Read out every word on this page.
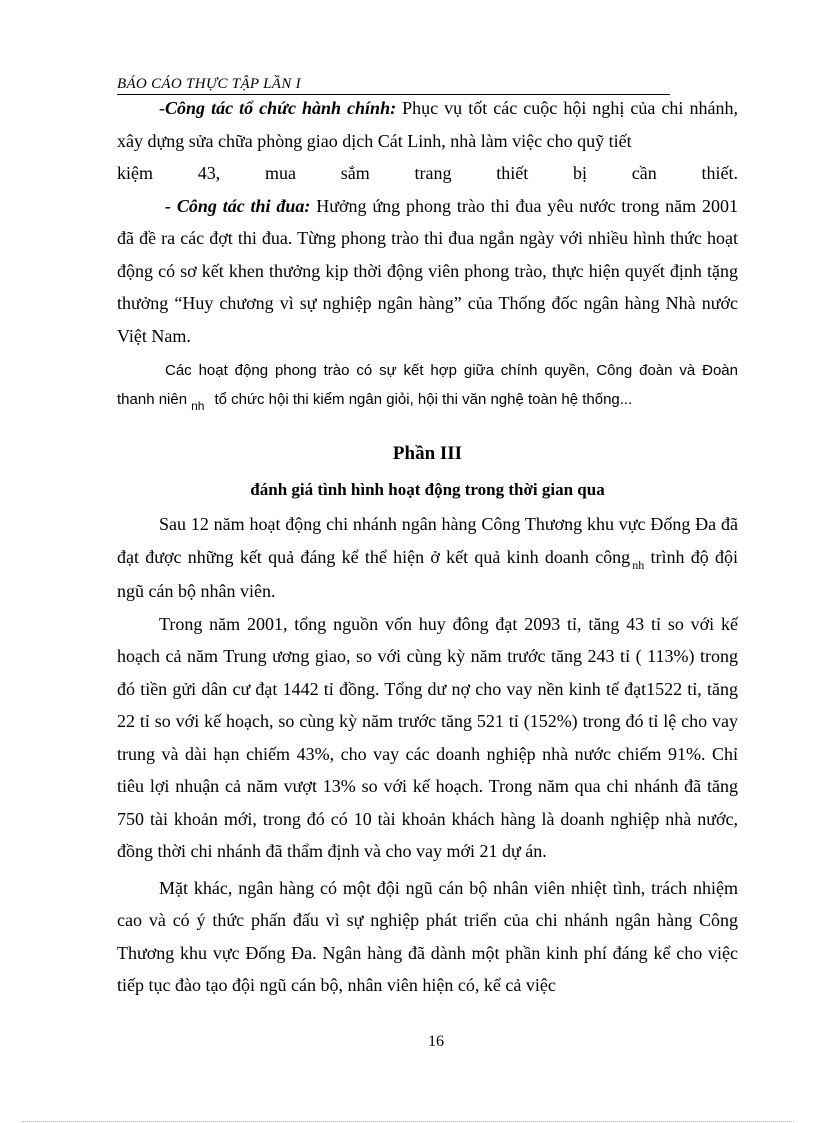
BÁO CÁO THỰC TẬP LẦN I

-Công tác tổ chức hành chính: Phục vụ tốt các cuộc hội nghị của chi nhánh, xây dựng sửa chữa phòng giao dịch Cát Linh, nhà làm việc cho quỹ tiết

kiệm 43, mua sắm trang thiết bị cần thiết.

- Công tác thi đua: Hưởng ứng phong trào thi đua yêu nước trong năm 2001 đã đề ra các đợt thi đua. Từng phong trào thi đua ngắn ngày với nhiều hình thức hoạt động có sơ kết khen thưởng kịp thời động viên phong trào, thực hiện quyết định tặng thưởng “Huy chương vì sự nghiệp ngân hàng” của Thống đốc ngân hàng Nhà nước Việt Nam.

Các hoạt động phong trào có sự kết hợp giữa chính quyền, Công đoàn và Đoàn thanh niên $_{nh}$ tổ chức hội thi kiểm ngân giỏi, hội thi văn nghệ toàn hệ thống...

Phần III
đánh giá tình hình hoạt động trong thời gian qua

Sau 12 năm hoạt động chi nhánh ngân hàng Công Thương khu vực Đống Đa đã đạt được những kết quả đáng kể thể hiện ở kết quả kinh doanh công $_{nh}$ trình độ đội ngũ cán bộ nhân viên.

Trong năm 2001, tổng nguồn vốn huy đông đạt 2093 tỉ, tăng 43 tỉ so với kế hoạch cả năm Trung ương giao, so với cùng kỳ năm trước tăng 243 tỉ ( 113%) trong đó tiền gửi dân cư đạt 1442 tỉ đồng. Tổng dư nợ cho vay nền kinh tế đạt1522 tỉ, tăng 22 tỉ so với kế hoạch, so cùng kỳ năm trước tăng 521 tỉ (152%) trong đó tỉ lệ cho vay trung và dài hạn chiếm 43%, cho vay các doanh nghiệp nhà nước chiếm 91%. Chỉ tiêu lợi nhuận cả năm vượt 13% so với kế hoạch. Trong năm qua chi nhánh đã tăng 750 tài khoản mới, trong đó có 10 tài khoản khách hàng là doanh nghiệp nhà nước, đồng thời chi nhánh đã thẩm định và cho vay mới 21 dự án.

Mặt khác, ngân hàng có một đội ngũ cán bộ nhân viên nhiệt tình, trách nhiệm cao và có ý thức phấn đấu vì sự nghiệp phát triển của chi nhánh ngân hàng Công Thương khu vực Đống Đa. Ngân hàng đã dành một phần kinh phí đáng kể cho việc tiếp tục đào tạo đội ngũ cán bộ, nhân viên hiện có, kể cả việc

16
